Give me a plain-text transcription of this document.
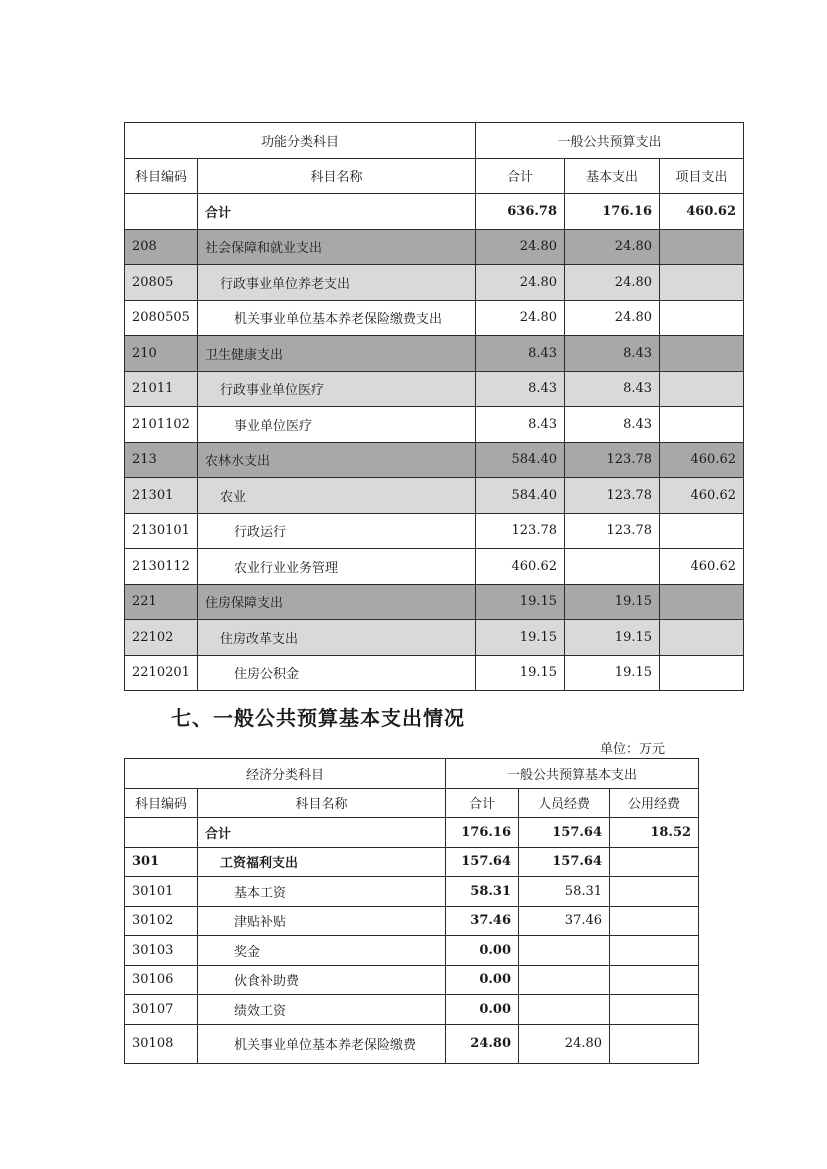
功能分类科目		一般公共预算支出		
科目编码	科目名称	合计	基本支出	项目支出
	合计	636.78	176.16	460.62
208	社会保障和就业支出	24.80	24.80	
20805	行政事业单位养老支出	24.80	24.80	
2080505	机关事业单位基本养老保险缴费支出	24.80	24.80	
210	卫生健康支出	8.43	8.43	
21011	行政事业单位医疗	8.43	8.43	
2101102	事业单位医疗	8.43	8.43	
213	农林水支出	584.40	123.78	460.62
21301	农业	584.40	123.78	460.62
2130101	行政运行	123.78	123.78	
2130112	农业行业业务管理	460.62		460.62
221	住房保障支出	19.15	19.15	
22102	住房改革支出	19.15	19.15	
2210201	住房公积金	19.15	19.15	
七、一般公共预算基本支出情况
单位：万元
经济分类科目		一般公共预算基本支出		
科目编码	科目名称	合计	人员经费	公用经费
	合计	176.16	157.64	18.52
301	工资福利支出	157.64	157.64	
30101	基本工资	58.31	58.31	
30102	津贴补贴	37.46	37.46	
30103	奖金	0.00		
30106	伙食补助费	0.00		
30107	绩效工资	0.00		
30108	机关事业单位基本养老保险缴费	24.80	24.80	
